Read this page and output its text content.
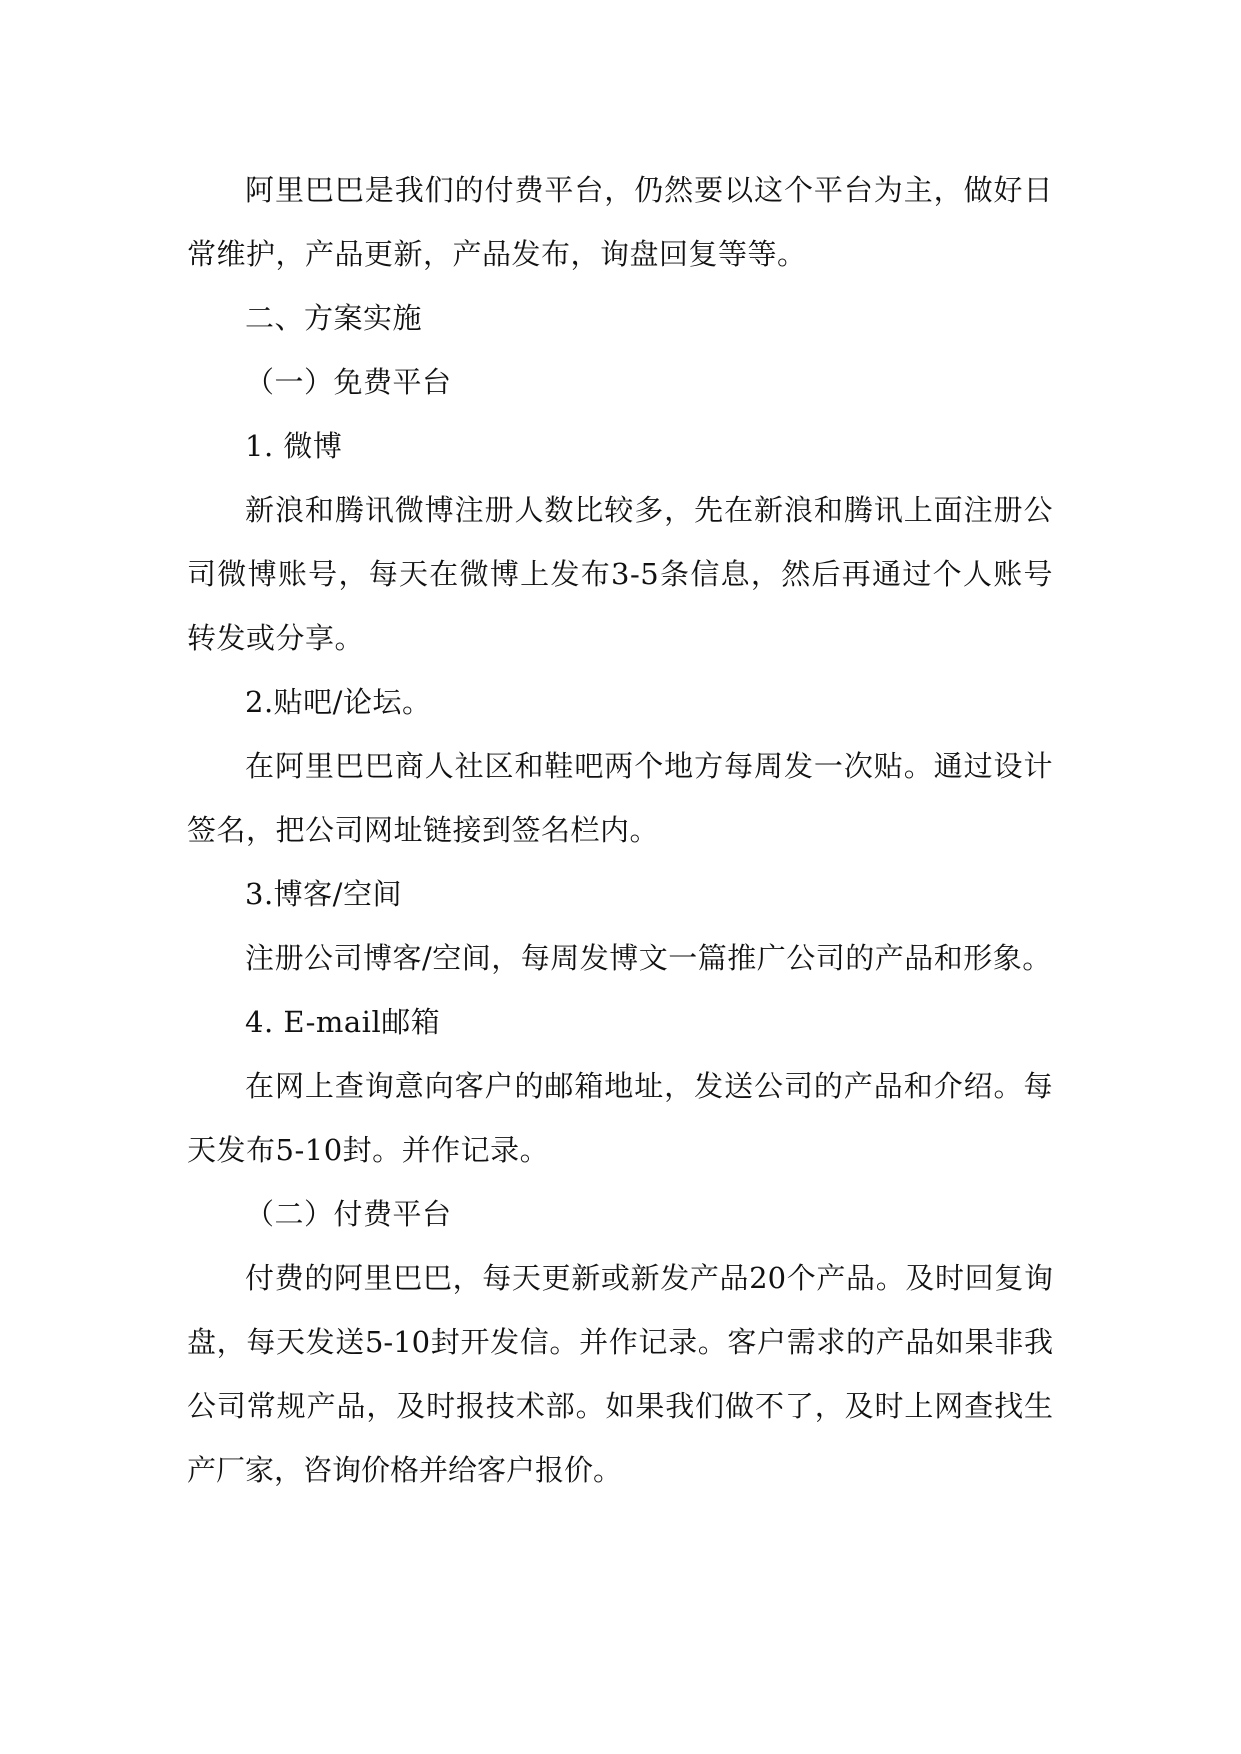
阿里巴巴是我们的付费平台，仍然要以这个平台为主，做好日常维护，产品更新，产品发布，询盘回复等等。

二、方案实施

（一）免费平台

1. 微博

新浪和腾讯微博注册人数比较多，先在新浪和腾讯上面注册公司微博账号，每天在微博上发布3-5条信息，然后再通过个人账号转发或分享。

2.贴吧/论坛。

在阿里巴巴商人社区和鞋吧两个地方每周发一次贴。通过设计签名，把公司网址链接到签名栏内。

3.博客/空间

注册公司博客/空间，每周发博文一篇推广公司的产品和形象。

4. E-mail邮箱

在网上查询意向客户的邮箱地址，发送公司的产品和介绍。每天发布5-10封。并作记录。

（二）付费平台

付费的阿里巴巴，每天更新或新发产品20个产品。及时回复询盘，每天发送5-10封开发信。并作记录。客户需求的产品如果非我公司常规产品，及时报技术部。如果我们做不了，及时上网查找生产厂家，咨询价格并给客户报价。
